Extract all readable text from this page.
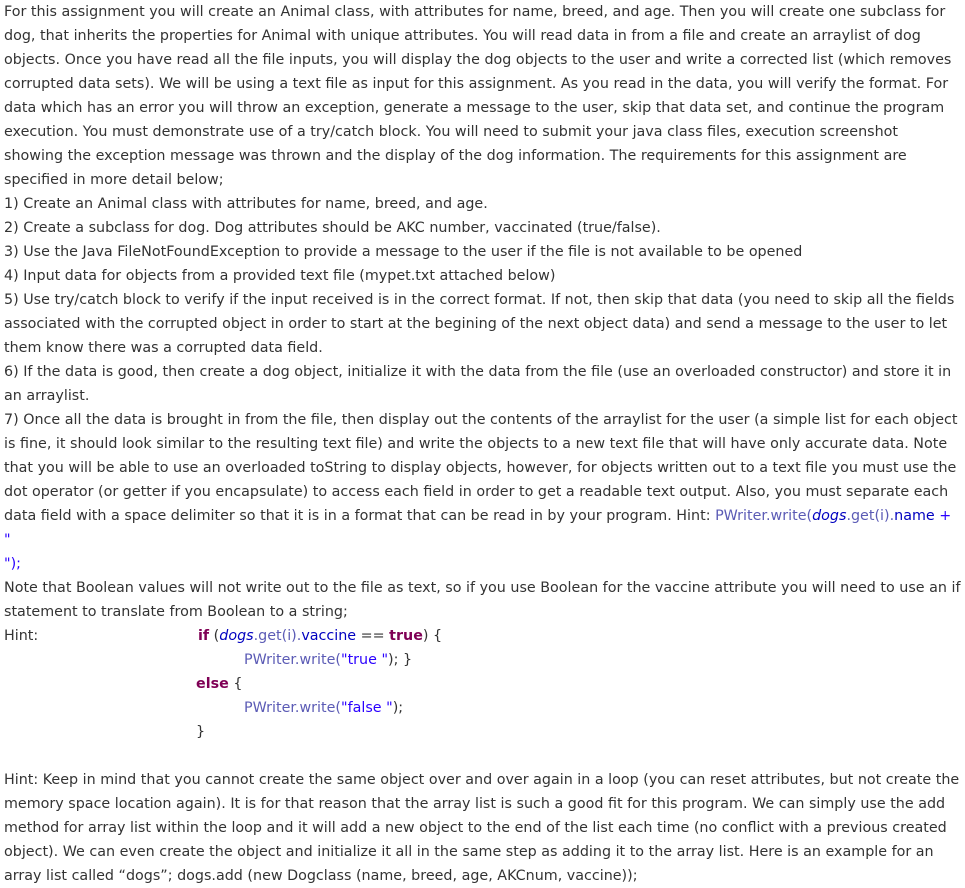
For this assignment you will create an Animal class, with attributes for name, breed, and age. Then you will create one subclass for dog, that inherits the properties for Animal with unique attributes. You will read data in from a file and create an arraylist of dog objects. Once you have read all the file inputs, you will display the dog objects to the user and write a corrected list (which removes corrupted data sets). We will be using a text file as input for this assignment. As you read in the data, you will verify the format. For data which has an error you will throw an exception, generate a message to the user, skip that data set, and continue the program execution. You must demonstrate use of a try/catch block. You will need to submit your java class files, execution screenshot showing the exception message was thrown and the display of the dog information. The requirements for this assignment are specified in more detail below;

1) Create an Animal class with attributes for name, breed, and age.

2) Create a subclass for dog. Dog attributes should be AKC number, vaccinated (true/false).

3) Use the Java FileNotFoundException to provide a message to the user if the file is not available to be opened

4) Input data for objects from a provided text file (mypet.txt attached below)

5) Use try/catch block to verify if the input received is in the correct format. If not, then skip that data (you need to skip all the fields associated with the corrupted object in order to start at the begining of the next object data) and send a message to the user to let them know there was a corrupted data field.

6) If the data is good, then create a dog object, initialize it with the data from the file (use an overloaded constructor) and store it in an arraylist.

7) Once all the data is brought in from the file, then display out the contents of the arraylist for the user (a simple list for each object is fine, it should look similar to the resulting text file) and write the objects to a new text file that will have only accurate data. Note that you will be able to use an overloaded toString to display objects, however, for objects written out to a text file you must use the dot operator (or getter if you encapsulate) to access each field in order to get a readable text output. Also, you must separate each data field with a space delimiter so that it is in a format that can be read in by your program. Hint: PWriter.write(dogs.get(i).name + "
");

Note that Boolean values will not write out to the file as text, so if you use Boolean for the vaccine attribute you will need to use an if statement to translate from Boolean to a string;

Hint:	if (dogs.get(i).vaccine == true) {
PWriter.write("true "); }
else {
PWriter.write("false ");
}

Hint: Keep in mind that you cannot create the same object over and over again in a loop (you can reset attributes, but not create the memory space location again). It is for that reason that the array list is such a good fit for this program. We can simply use the add method for array list within the loop and it will add a new object to the end of the list each time (no conflict with a previous created object). We can even create the object and initialize it all in the same step as adding it to the array list. Here is an example for an array list called “dogs”; dogs.add (new Dogclass (name, breed, age, AKCnum, vaccine));
